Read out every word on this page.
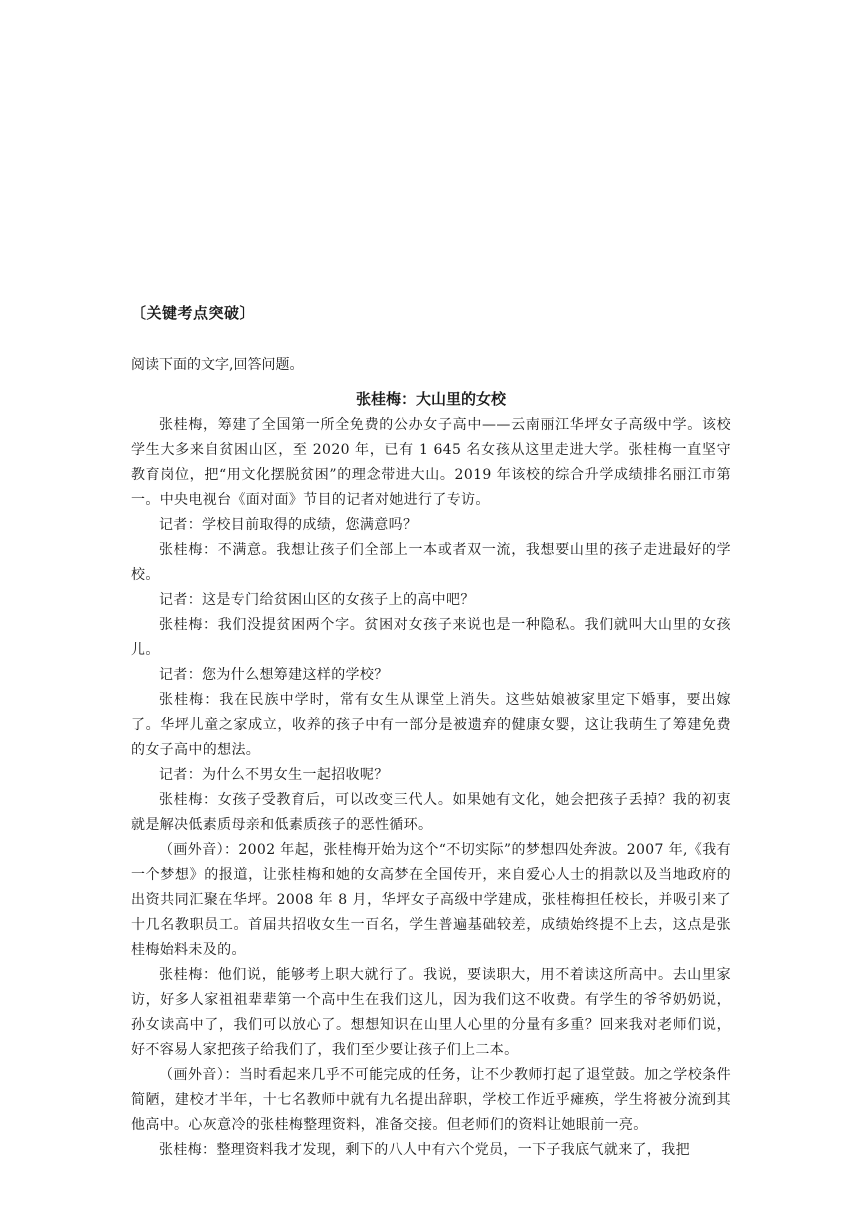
〔关键考点突破〕
阅读下面的文字,回答问题。
张桂梅：大山里的女校

张桂梅，筹建了全国第一所全免费的公办女子高中——云南丽江华坪女子高级中学。该校学生大多来自贫困山区，至 2020 年，已有 1 645 名女孩从这里走进大学。张桂梅一直坚守教育岗位，把“用文化摆脱贫困”的理念带进大山。2019 年该校的综合升学成绩排名丽江市第一。中央电视台《面对面》节目的记者对她进行了专访。

记者：学校目前取得的成绩，您满意吗？

张桂梅：不满意。我想让孩子们全部上一本或者双一流，我想要山里的孩子走进最好的学校。

记者：这是专门给贫困山区的女孩子上的高中吧？

张桂梅：我们没提贫困两个字。贫困对女孩子来说也是一种隐私。我们就叫大山里的女孩儿。

记者：您为什么想筹建这样的学校？

张桂梅：我在民族中学时，常有女生从课堂上消失。这些姑娘被家里定下婚事，要出嫁了。华坪儿童之家成立，收养的孩子中有一部分是被遗弃的健康女婴，这让我萌生了筹建免费的女子高中的想法。

记者：为什么不男女生一起招收呢？

张桂梅：女孩子受教育后，可以改变三代人。如果她有文化，她会把孩子丢掉？我的初衷就是解决低素质母亲和低素质孩子的恶性循环。

（画外音）：2002 年起，张桂梅开始为这个“不切实际”的梦想四处奔波。2007 年,《我有一个梦想》的报道，让张桂梅和她的女高梦在全国传开，来自爱心人士的捐款以及当地政府的出资共同汇聚在华坪。2008 年 8 月，华坪女子高级中学建成，张桂梅担任校长，并吸引来了十几名教职员工。首届共招收女生一百名，学生普遍基础较差，成绩始终提不上去，这点是张桂梅始料未及的。

张桂梅：他们说，能够考上职大就行了。我说，要读职大，用不着读这所高中。去山里家访，好多人家祖祖辈辈第一个高中生在我们这儿，因为我们这不收费。有学生的爷爷奶奶说，孙女读高中了，我们可以放心了。想想知识在山里人心里的分量有多重？回来我对老师们说，好不容易人家把孩子给我们了，我们至少要让孩子们上二本。

（画外音）：当时看起来几乎不可能完成的任务，让不少教师打起了退堂鼓。加之学校条件简陋，建校才半年，十七名教师中就有九名提出辞职，学校工作近乎瘫痪，学生将被分流到其他高中。心灰意冷的张桂梅整理资料，准备交接。但老师们的资料让她眼前一亮。

张桂梅：整理资料我才发现，剩下的八人中有六个党员，一下子我底气就来了，我把
